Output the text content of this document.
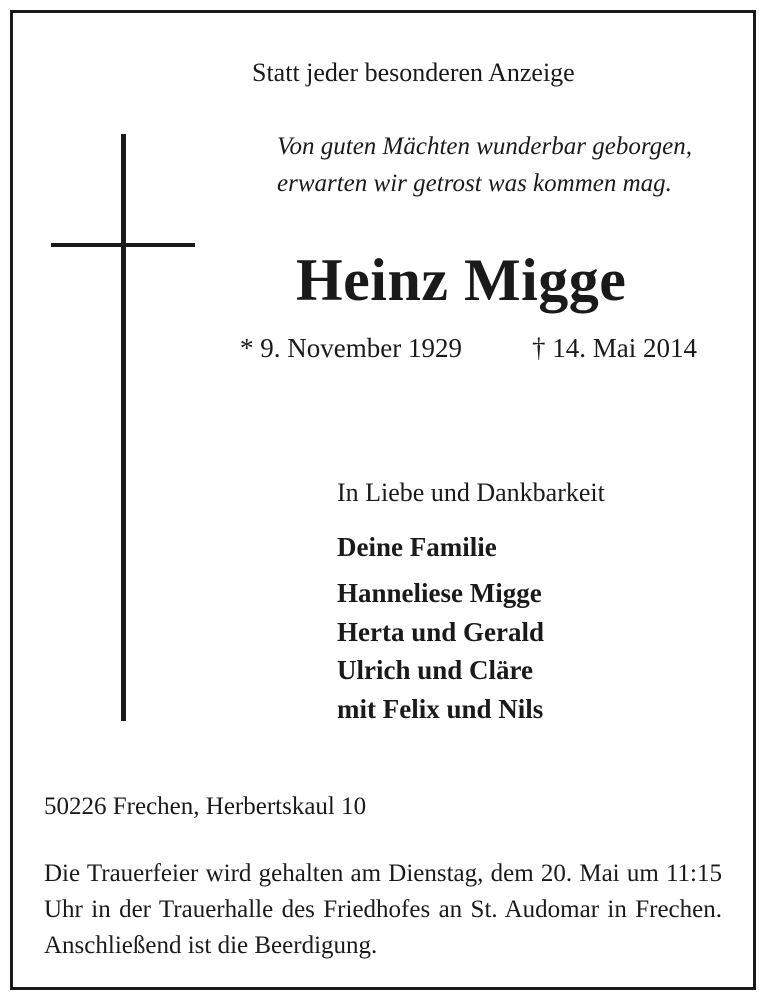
Statt jeder besonderen Anzeige
Von guten Mächten wunderbar geborgen,
erwarten wir getrost was kommen mag.
Heinz Migge
* 9. November 1929	† 14. Mai 2014
In Liebe und Dankbarkeit
Deine Familie
Hanneliese Migge
Herta und Gerald
Ulrich und Cläre
mit Felix und Nils
50226 Frechen, Herbertskaul 10
Die Trauerfeier wird gehalten am Dienstag, dem 20. Mai um 11:15 Uhr in der Trauerhalle des Friedhofes an St. Audomar in Frechen. Anschließend ist die Beerdigung.
